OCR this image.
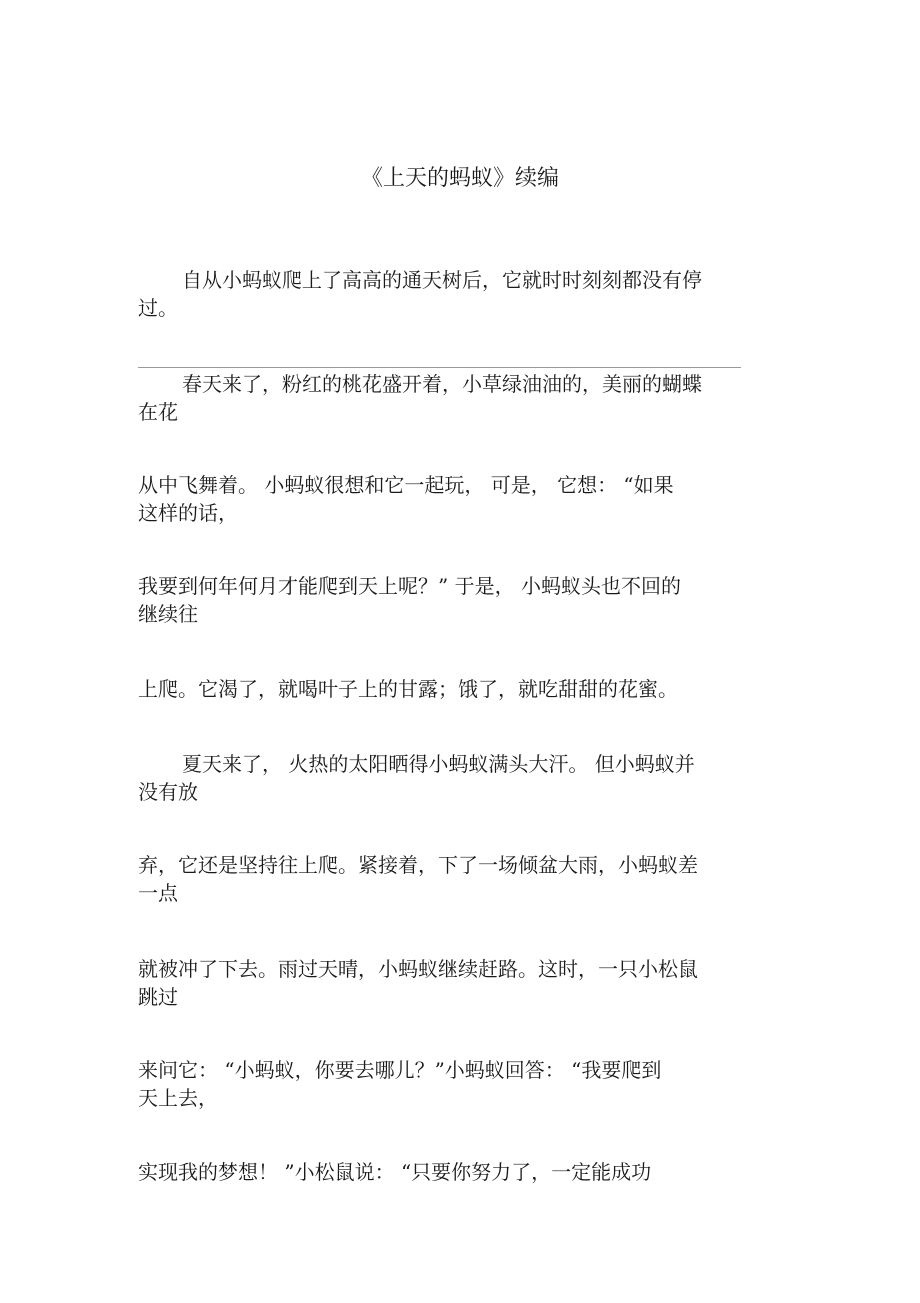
《上天的蚂蚁》续编
自从小蚂蚁爬上了高高的通天树后，它就时时刻刻都没有停
过。
春天来了，粉红的桃花盛开着，小草绿油油的，美丽的蝴蝶
在花
从中飞舞着。 小蚂蚁很想和它一起玩， 可是， 它想： “如果
这样的话，
我要到何年何月才能爬到天上呢？” 于是， 小蚂蚁头也不回的
继续往
上爬。它渴了，就喝叶子上的甘露；饿了，就吃甜甜的花蜜。
夏天来了， 火热的太阳晒得小蚂蚁满头大汗。 但小蚂蚁并
没有放
弃，它还是坚持往上爬。紧接着，下了一场倾盆大雨，小蚂蚁差
一点
就被冲了下去。雨过天晴，小蚂蚁继续赶路。这时，一只小松鼠
跳过
来问它： “小蚂蚁，你要去哪儿？”小蚂蚁回答： “我要爬到
天上去，
实现我的梦想！ ”小松鼠说： “只要你努力了，一定能成功
